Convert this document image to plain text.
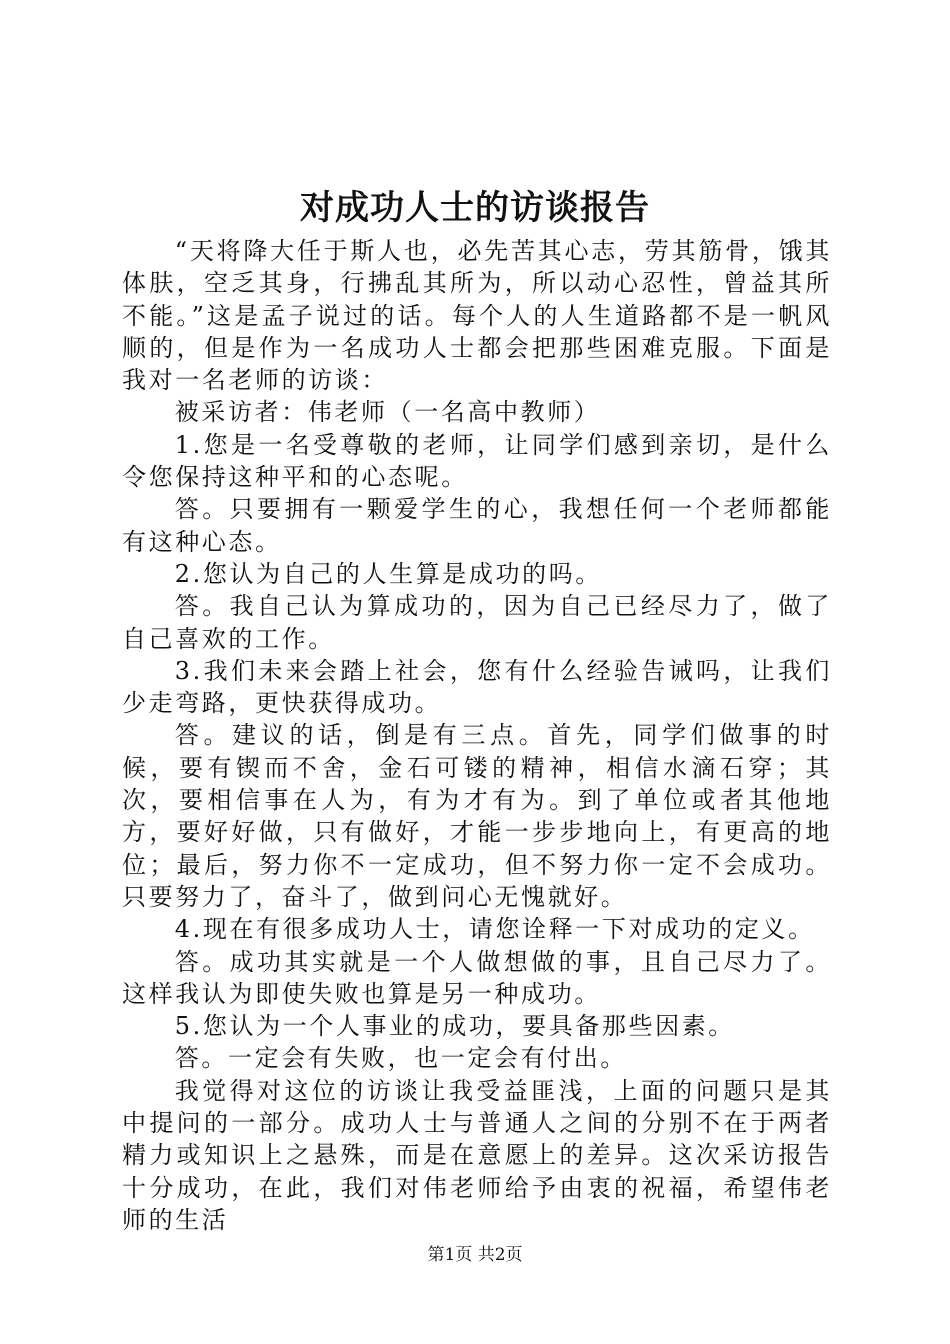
对成功人士的访谈报告

“天将降大任于斯人也，必先苦其心志，劳其筋骨，饿其体肤，空乏其身，行拂乱其所为，所以动心忍性，曾益其所不能。”这是孟子说过的话。每个人的人生道路都不是一帆风顺的，但是作为一名成功人士都会把那些困难克服。下面是我对一名老师的访谈：

被采访者：伟老师（一名高中教师）

1.您是一名受尊敬的老师，让同学们感到亲切，是什么令您保持这种平和的心态呢。

答。只要拥有一颗爱学生的心，我想任何一个老师都能有这种心态。

2.您认为自己的人生算是成功的吗。

答。我自己认为算成功的，因为自己已经尽力了，做了自己喜欢的工作。

3.我们未来会踏上社会，您有什么经验告诫吗，让我们少走弯路，更快获得成功。

答。建议的话，倒是有三点。首先，同学们做事的时候，要有锲而不舍，金石可镂的精神，相信水滴石穿；其次，要相信事在人为，有为才有为。到了单位或者其他地方，要好好做，只有做好，才能一步步地向上，有更高的地位；最后，努力你不一定成功，但不努力你一定不会成功。只要努力了，奋斗了，做到问心无愧就好。

4.现在有很多成功人士，请您诠释一下对成功的定义。

答。成功其实就是一个人做想做的事，且自己尽力了。这样我认为即使失败也算是另一种成功。

5.您认为一个人事业的成功，要具备那些因素。

答。一定会有失败，也一定会有付出。

我觉得对这位的访谈让我受益匪浅，上面的问题只是其中提问的一部分。成功人士与普通人之间的分别不在于两者精力或知识上之悬殊，而是在意愿上的差异。这次采访报告十分成功，在此，我们对伟老师给予由衷的祝福，希望伟老师的生活

第1页 共2页
